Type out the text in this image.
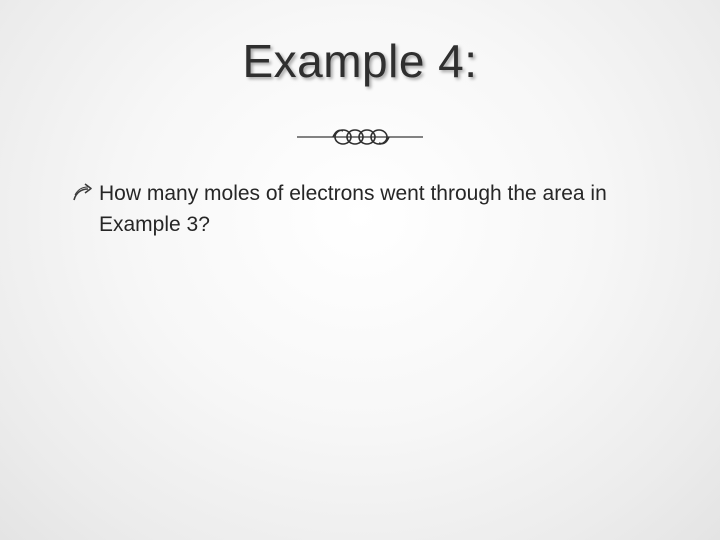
Example 4:
How many moles of electrons went through the area in Example 3?
